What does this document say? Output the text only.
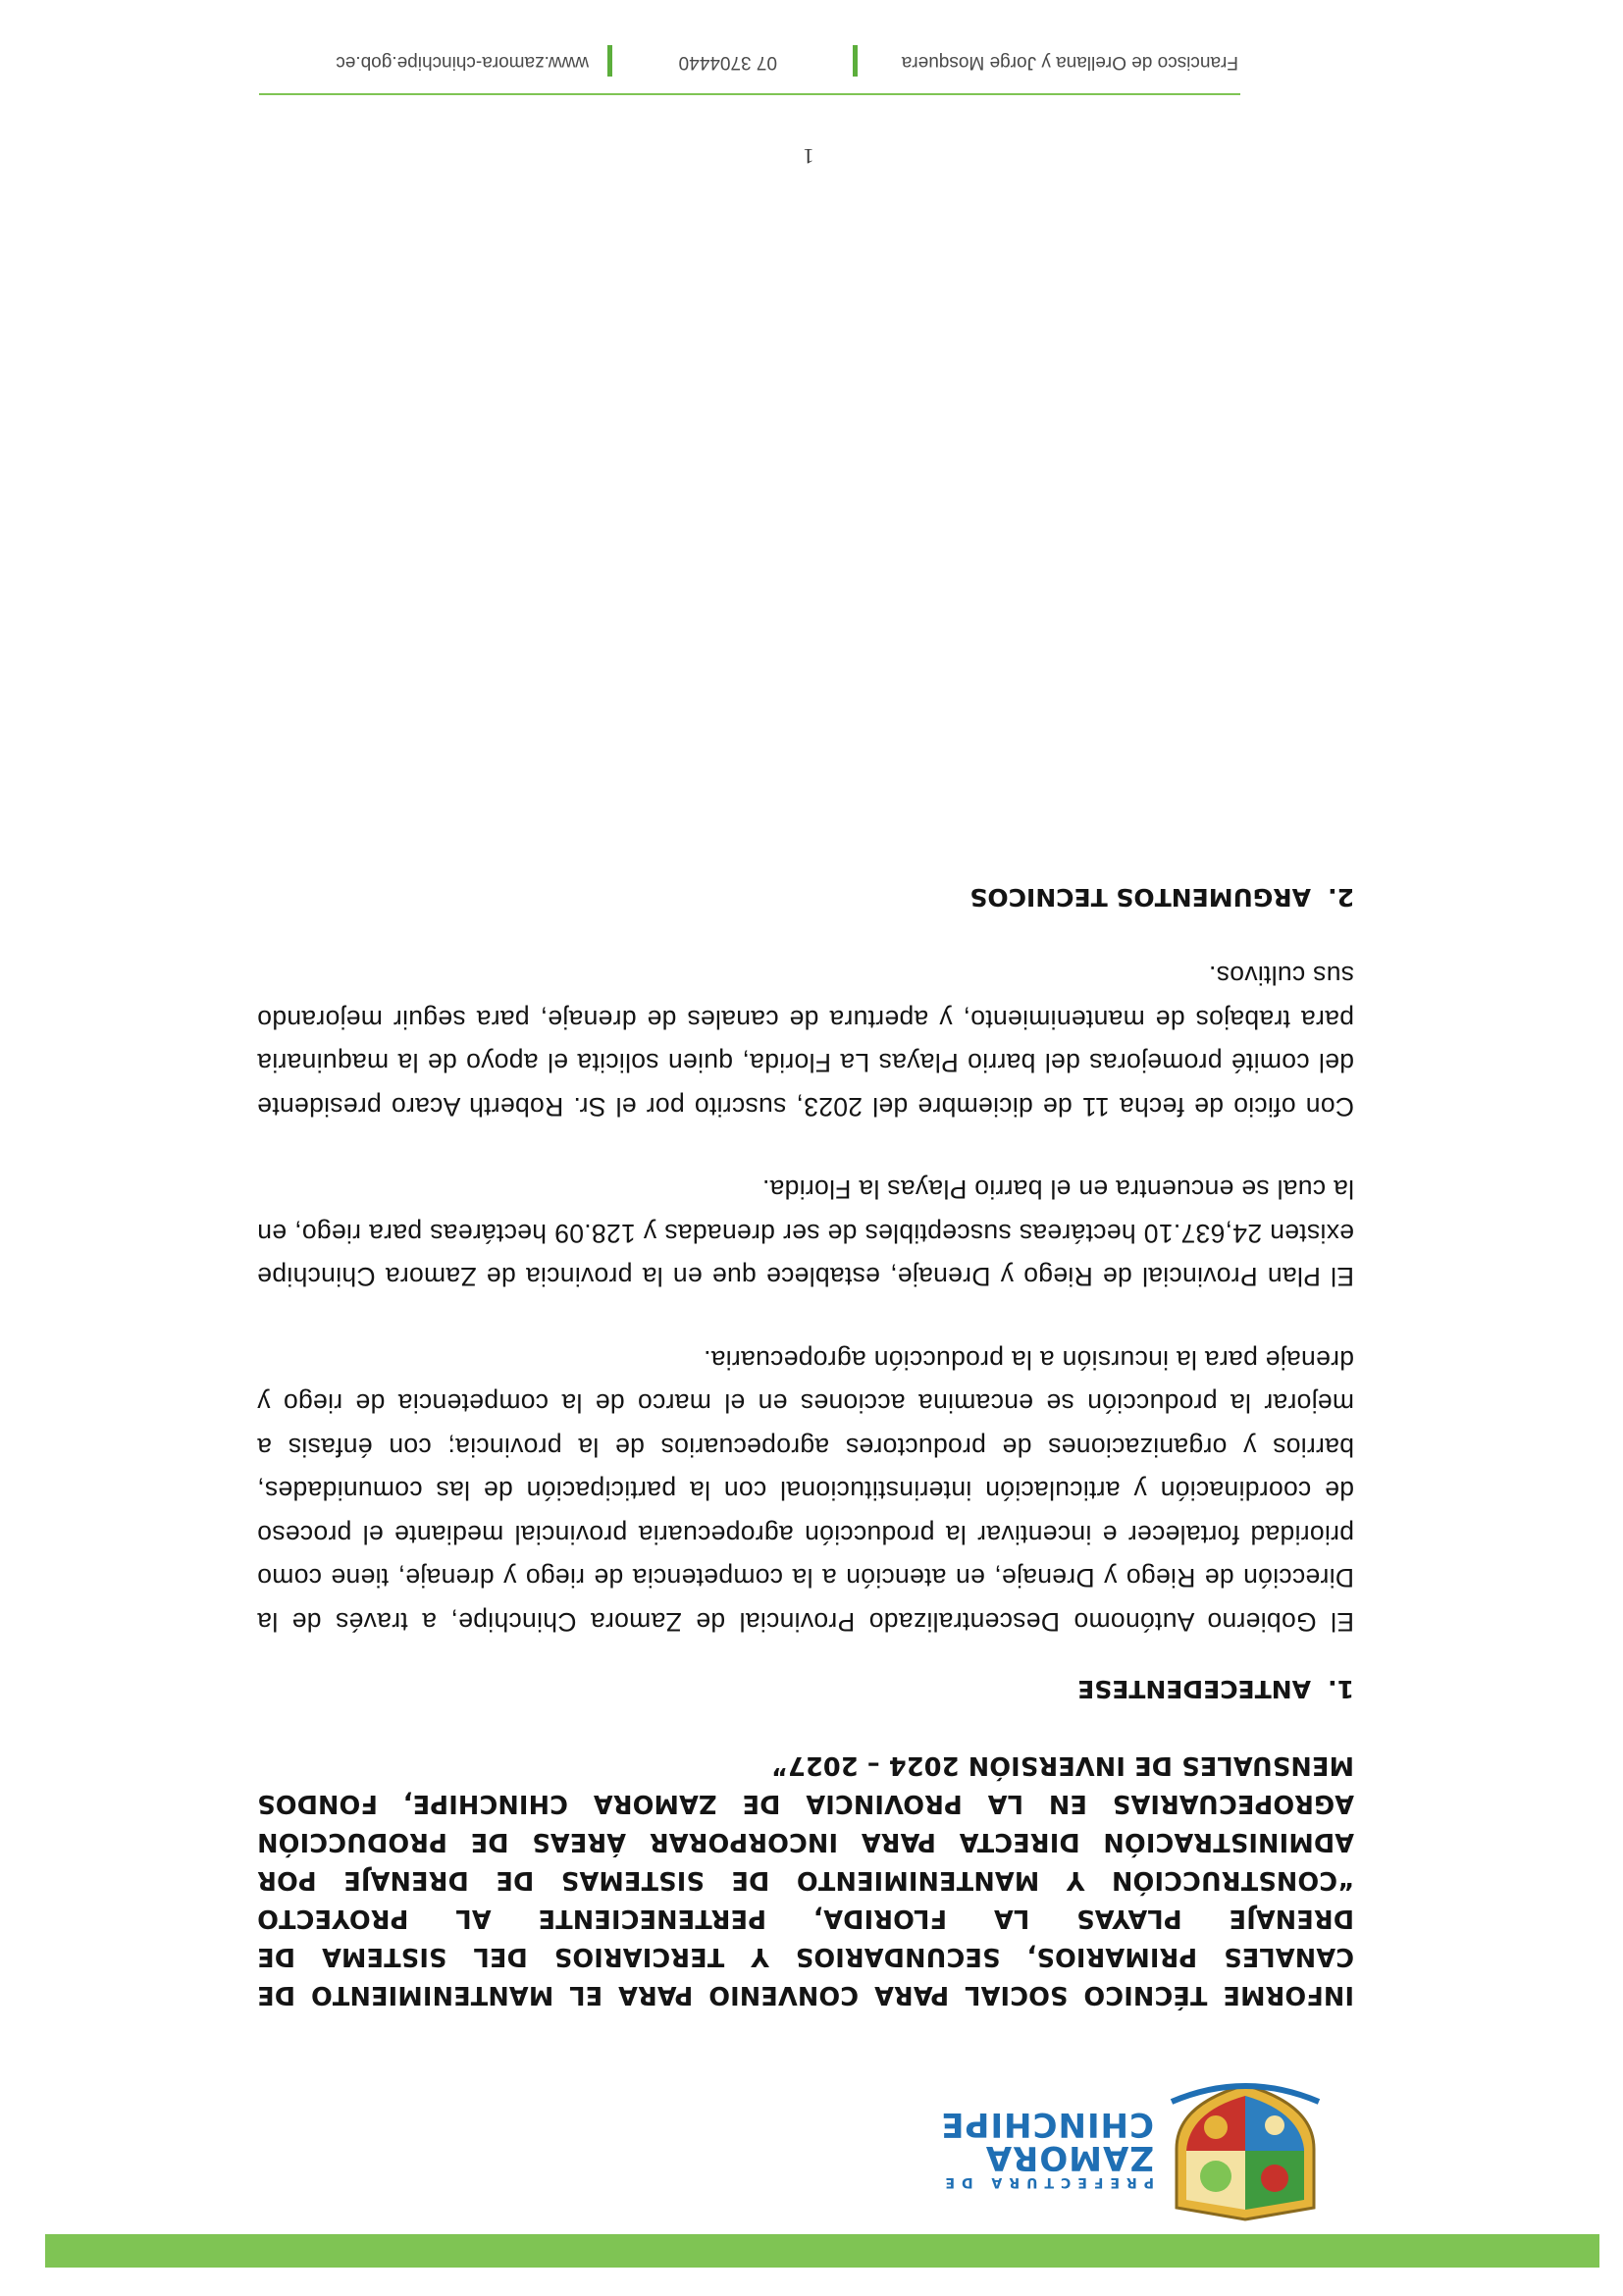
PREFECTURA DE
ZAMORA
CHINCHIPE

INFORME TÉCNICO SOCIAL PARA CONVENIO PARA EL MANTENIMIENTO DE CANALES PRIMARIOS, SECUNDARIOS Y TERCIARIOS DEL SISTEMA DE DRENAJE PLAYAS LA FLORIDA, PERTENECIENTE AL PROYECTO “CONSTRUCCIÓN Y MANTENIMIENTO DE SISTEMAS DE DRENAJE POR ADMINISTRACIÓN DIRECTA PARA INCORPORAR ÁREAS DE PRODUCCIÓN AGROPECUARIAS EN LA PROVINCIA DE ZAMORA CHINCHIPE, FONDOS MENSUALES DE INVERSIÓN 2024 – 2027”

1.ANTECEDENTESE

El Gobierno Autónomo Descentralizado Provincial de Zamora Chinchipe, a través de la Dirección de Riego y Drenaje, en atención a la competencia de riego y drenaje, tiene como prioridad fortalecer e incentivar la producción agropecuaria provincial mediante el proceso de coordinación y articulación interinstitucional con la participación de las comunidades, barrios y organizaciones de productores agropecuarios de la provincia; con énfasis a mejorar la producción se encamina acciones en el marco de la competencia de riego y drenaje para la incursión a la producción agropecuaria.

El Plan Provincial de Riego y Drenaje, establece que en la provincia de Zamora Chinchipe existen 24,637.10 hectáreas susceptibles de ser drenadas y 128.09 hectáreas para riego, en la cual se encuentra en el barrio Playas la Florida.

Con oficio de fecha 11 de diciembre del 2023, suscrito por el Sr. Roberth Acaro presidente del comité promejoras del barrio Playas La Florida, quien solicita el apoyo de la maquinaria para trabajos de mantenimiento, y apertura de canales de drenaje, para seguir mejorando sus cultivos.

2.ARGUMENTOS TECNICOS
1
Francisco de Orellana y Jorge Mosquera
07 3704440
www.zamora-chinchipe.gob.ec
